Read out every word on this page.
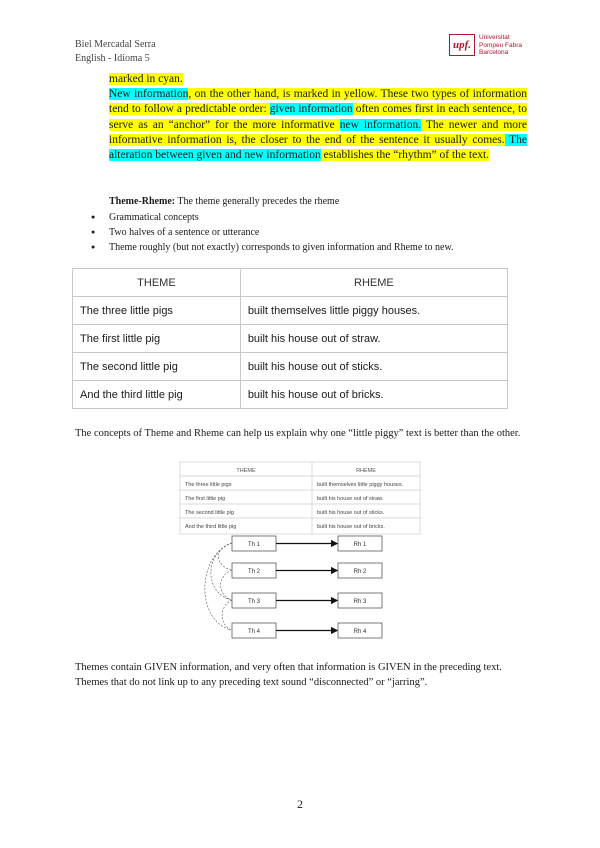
Biel Mercadal Serra
English - Idioma 5
upf.
Universitat
Pompeu Fabra
Barcelona
marked in cyan.
New information, on the other hand, is marked in yellow. These two types of information tend to follow a predictable order: given information often comes first in each sentence, to serve as an “anchor” for the more informative new information. The newer and more informative information is, the closer to the end of the sentence it usually comes. The alteration between given and new information establishes the “rhythm” of the text.
Theme-Rheme: The theme generally precedes the rheme
● Grammatical concepts
● Two halves of a sentence or utterance
● Theme roughly (but not exactly) corresponds to given information and Rheme to new.
THEME	RHEME
The three little pigs	built themselves little piggy houses.
The first little pig	built his house out of straw.
The second little pig	built his house out of sticks.
And the third little pig	built his house out of bricks.
The concepts of Theme and Rheme can help us explain why one “little piggy” text is better than the other.
THEME	RHEME
The three little pigs	built themselves little piggy houses.
The first little pig	built his house out of straw.
The second little pig	built his house out of sticks.
And the third little pig	built his house out of bricks.
Th 1
Th 2
Th 3
Th 4
Rh 1
Rh 2
Rh 3
Rh 4
Themes contain GIVEN information, and very often that information is GIVEN in the preceding text. Themes that do not link up to any preceding text sound “disconnected” or “jarring”.
2
